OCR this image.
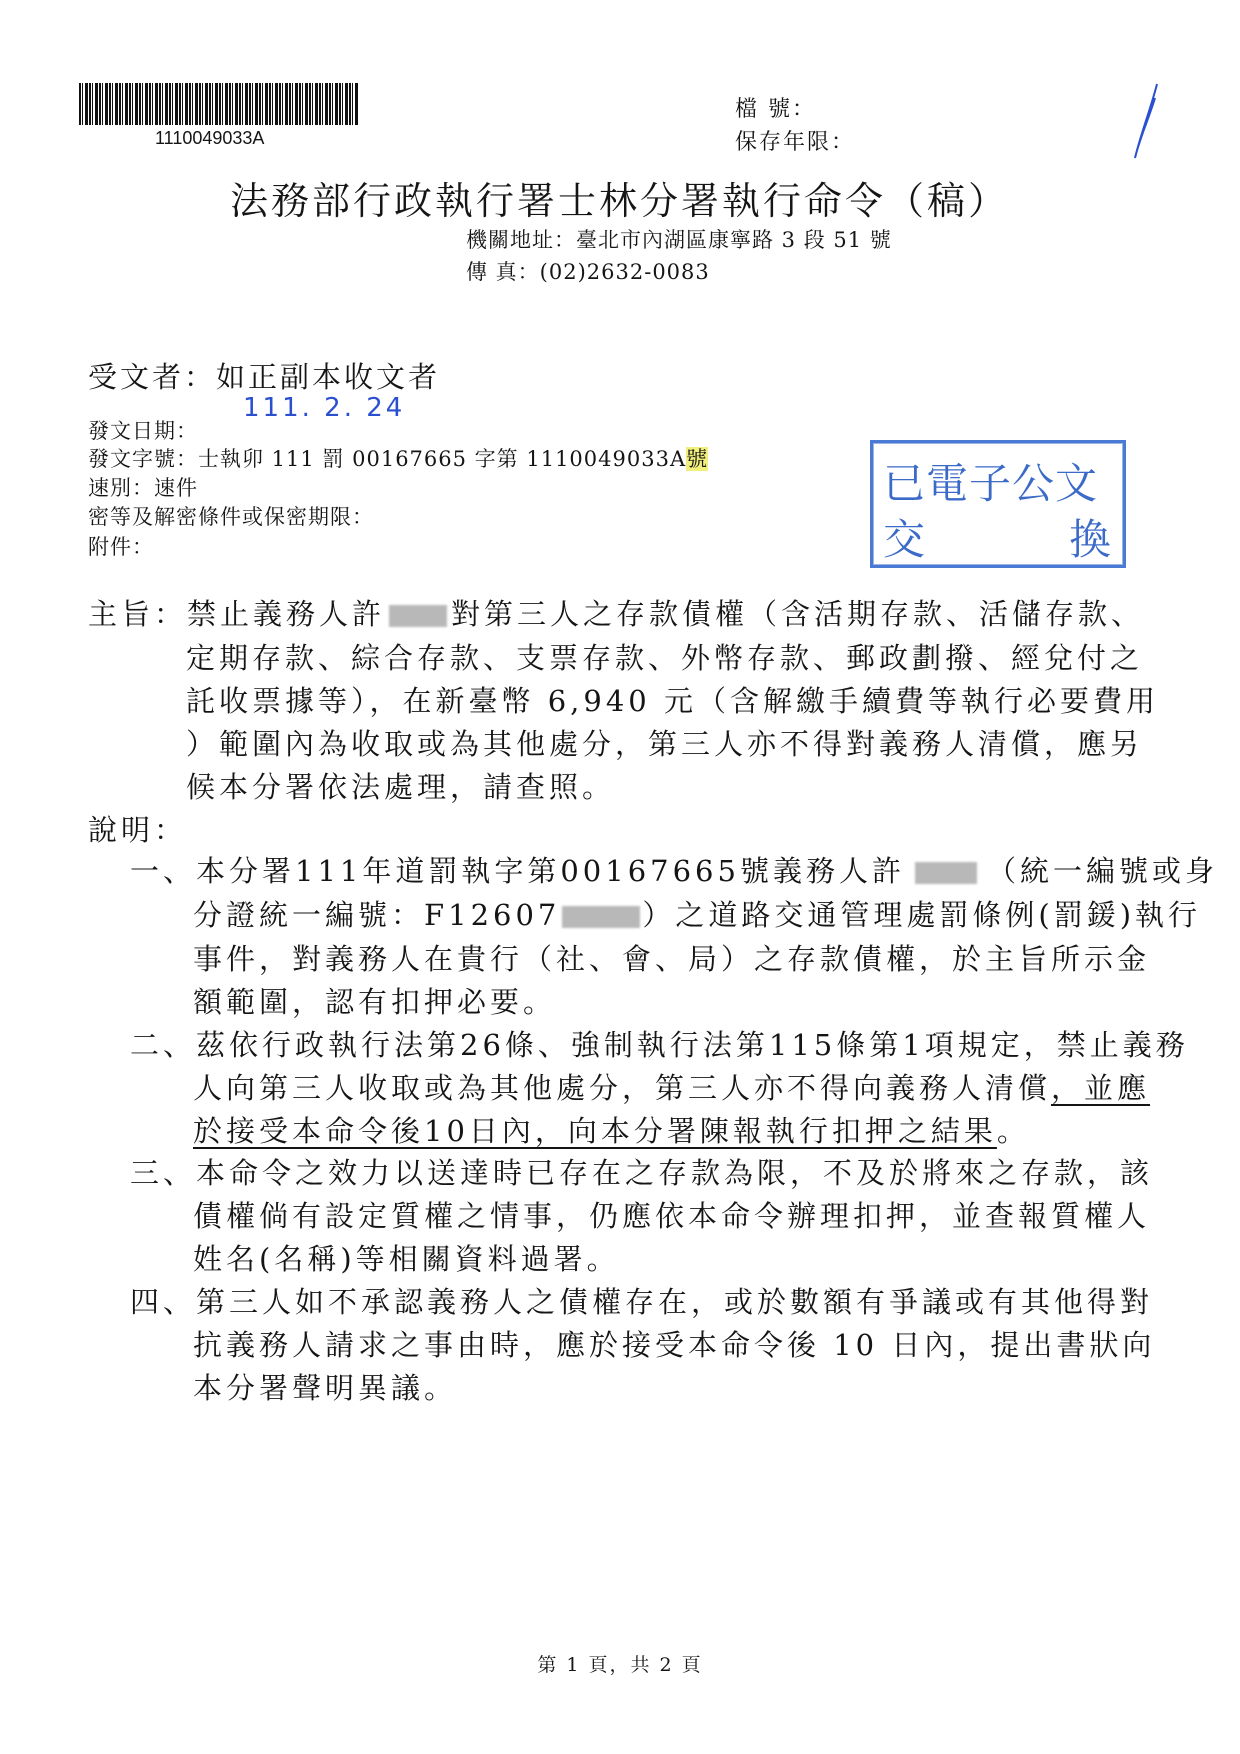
1110049033A
檔 號：
保存年限：
法務部行政執行署士林分署執行命令（稿）
機關地址：臺北市內湖區康寧路 3 段 51 號
傳 真：(02)2632-0083
受文者：如正副本收文者
111. 2. 24
發文日期：
發文字號：士執卯 111 罰 00167665 字第 1110049033A號
速別：速件
密等及解密條件或保密期限：
附件：
已電子公文
交	換
主旨：禁止義務人許 對第三人之存款債權（含活期存款、活儲存款、
定期存款、綜合存款、支票存款、外幣存款、郵政劃撥、經兌付之
託收票據等），在新臺幣 6,940 元（含解繳手續費等執行必要費用
）範圍內為收取或為其他處分，第三人亦不得對義務人清償，應另
候本分署依法處理，請查照。
說明：
一、本分署111年道罰執字第00167665號義務人許	（統一編號或身
分證統一編號：F12607	）之道路交通管理處罰條例(罰鍰)執行
事件，對義務人在貴行（社、會、局）之存款債權，於主旨所示金
額範圍，認有扣押必要。
二、茲依行政執行法第26條、強制執行法第115條第1項規定，禁止義務
人向第三人收取或為其他處分，第三人亦不得向義務人清償，並應
於接受本命令後10日內，向本分署陳報執行扣押之結果。
三、本命令之效力以送達時已存在之存款為限，不及於將來之存款，該
債權倘有設定質權之情事，仍應依本命令辦理扣押，並查報質權人
姓名(名稱)等相關資料過署。
四、第三人如不承認義務人之債權存在，或於數額有爭議或有其他得對
抗義務人請求之事由時，應於接受本命令後 10 日內，提出書狀向
本分署聲明異議。
第 1 頁，共 2 頁
